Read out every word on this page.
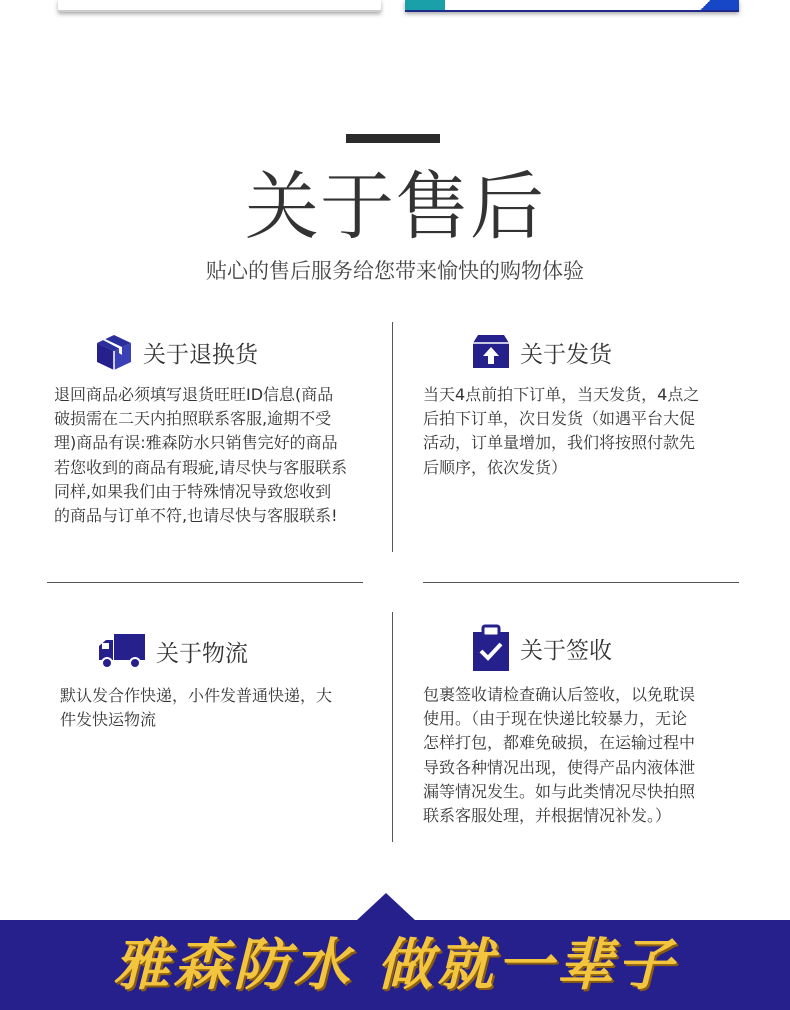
关于售后
贴心的售后服务给您带来愉快的购物体验
关于退换货
退回商品必须填写退货旺旺ID信息(商品
破损需在二天内拍照联系客服,逾期不受
理)商品有误:雅森防水只销售完好的商品
若您收到的商品有瑕疵,请尽快与客服联系
同样,如果我们由于特殊情况导致您收到
的商品与订单不符,也请尽快与客服联系!
关于发货
当天4点前拍下订单，当天发货，4点之
后拍下订单，次日发货（如遇平台大促
活动，订单量增加，我们将按照付款先
后顺序，依次发货）
关于物流
默认发合作快递，小件发普通快递，大
件发快运物流
关于签收
包裹签收请检查确认后签收，以免耽误
使用。（由于现在快递比较暴力，无论
怎样打包，都难免破损，在运输过程中
导致各种情况出现，使得产品内液体泄
漏等情况发生。如与此类情况尽快拍照
联系客服处理，并根据情况补发。）
雅森防水 做就一辈子
